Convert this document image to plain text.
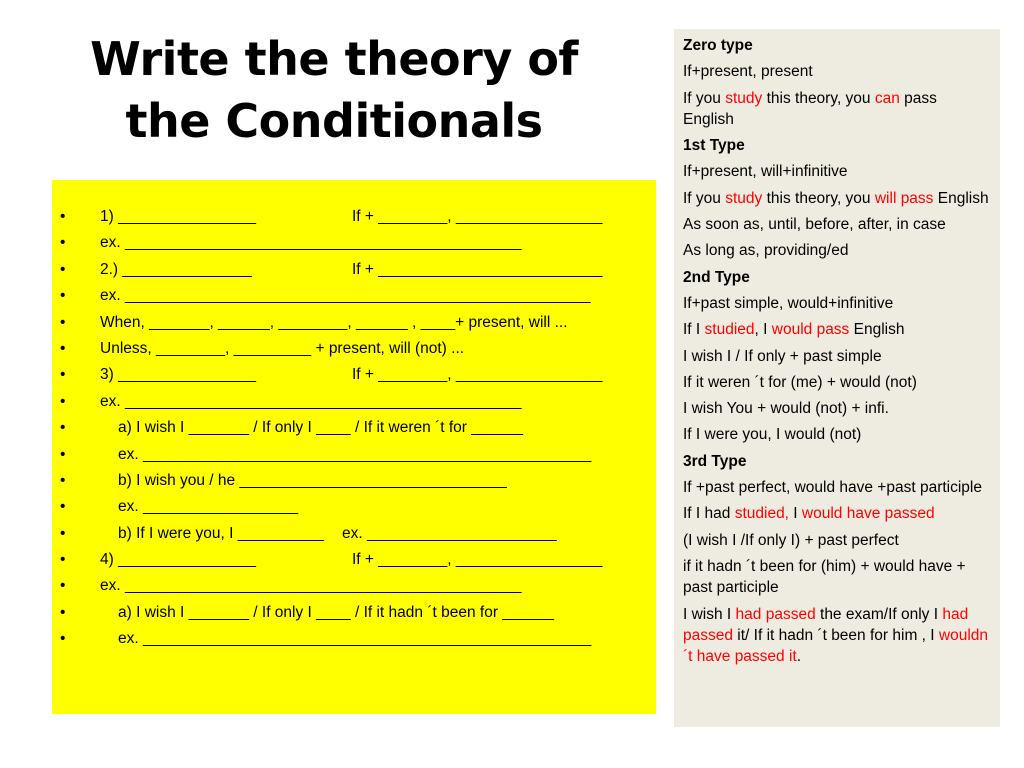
Write the theory of
the Conditionals
• 1) ________________	If + ________, _________________
• ex. ______________________________________________
• 2.) _______________	If + __________________________
• ex. ______________________________________________________
• When, _______, ______, ________, ______ , ____+ present, will ...
• Unless, ________, _________ + present, will (not) ...
• 3) ________________	If + ________, _________________
• ex. ______________________________________________
•	a) I wish I _______ / If only I ____ / If it weren ´t for ______
•	ex. ____________________________________________________
•	b) I wish you / he _______________________________
•	ex. __________________
•	b) If I were you, I __________ ex. ______________________
• 4) ________________	If + ________, _________________
• ex. ______________________________________________
•	a) I wish I _______ / If only I ____ / If it hadn ´t been for ______
•	ex. ____________________________________________________
Zero type
If+present, present
If you study this theory, you can pass English
1st Type
If+present, will+infinitive
If you study this theory, you will pass English
As soon as, until, before, after, in case
As long as, providing/ed
2nd Type
If+past simple, would+infinitive
If I studied, I would pass English
I wish I / If only + past simple
If it weren ´t for (me) + would (not)
I wish You + would (not) + infi.
If I were you, I would (not)
3rd Type
If +past perfect, would have +past participle
If I had studied, I would have passed
(I wish I /If only I) + past perfect
if it hadn ´t been for (him) + would have + past participle
I wish I had passed the exam/If only I had passed it/ If it hadn ´t been for him , I wouldn´t have passed it.
